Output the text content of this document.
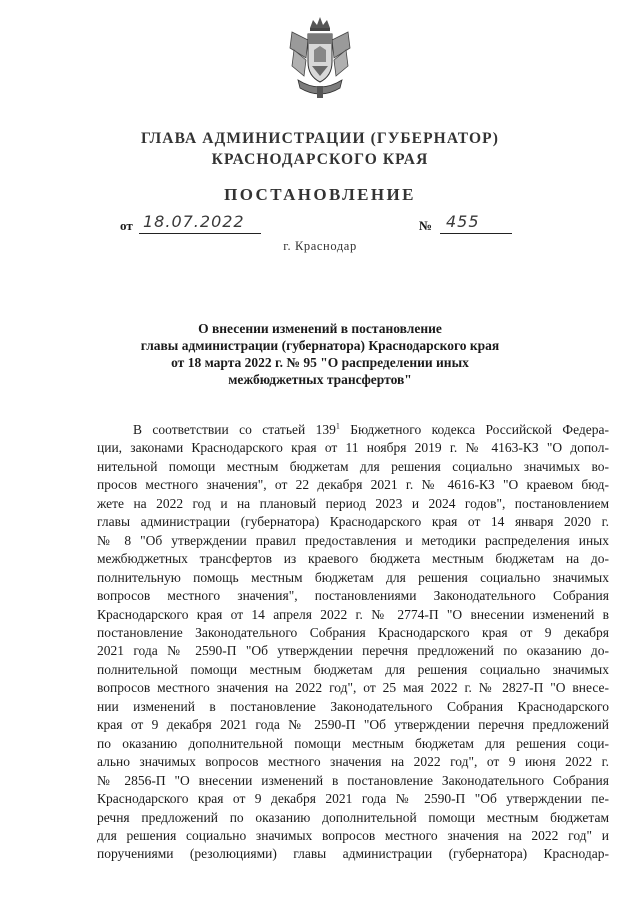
ГЛАВА АДМИНИСТРАЦИИ (ГУБЕРНАТОР)
КРАСНОДАРСКОГО КРАЯ
ПОСТАНОВЛЕНИЕ
от 18.07.2022	№ 455
г. Краснодар
О внесении изменений в постановление
главы администрации (губернатора) Краснодарского края
от 18 марта 2022 г. № 95 "О распределении иных
межбюджетных трансфертов"
В соответствии со статьей $139^1$ Бюджетного кодекса Российской Федера-
ции, законами Краснодарского края от 11 ноября 2019 г. № 4163-КЗ "О допол-
нительной помощи местным бюджетам для решения социально значимых во-
просов местного значения", от 22 декабря 2021 г. № 4616-КЗ "О краевом бюд-
жете на 2022 год и на плановый период 2023 и 2024 годов", постановлением
главы администрации (губернатора) Краснодарского края от 14 января 2020 г.
№ 8 "Об утверждении правил предоставления и методики распределения иных
межбюджетных трансфертов из краевого бюджета местным бюджетам на до-
полнительную помощь местным бюджетам для решения социально значимых
вопросов местного значения", постановлениями Законодательного Собрания
Краснодарского края от 14 апреля 2022 г. № 2774-П "О внесении изменений в
постановление Законодательного Собрания Краснодарского края от 9 декабря
2021 года № 2590-П "Об утверждении перечня предложений по оказанию до-
полнительной помощи местным бюджетам для решения социально значимых
вопросов местного значения на 2022 год", от 25 мая 2022 г. № 2827-П "О внесе-
нии изменений в постановление Законодательного Собрания Краснодарского
края от 9 декабря 2021 года № 2590-П "Об утверждении перечня предложений
по оказанию дополнительной помощи местным бюджетам для решения соци-
ально значимых вопросов местного значения на 2022 год", от 9 июня 2022 г.
№ 2856-П "О внесении изменений в постановление Законодательного Собрания
Краснодарского края от 9 декабря 2021 года № 2590-П "Об утверждении пе-
речня предложений по оказанию дополнительной помощи местным бюджетам
для решения социально значимых вопросов местного значения на 2022 год" и
поручениями (резолюциями) главы администрации (губернатора) Краснодар-
